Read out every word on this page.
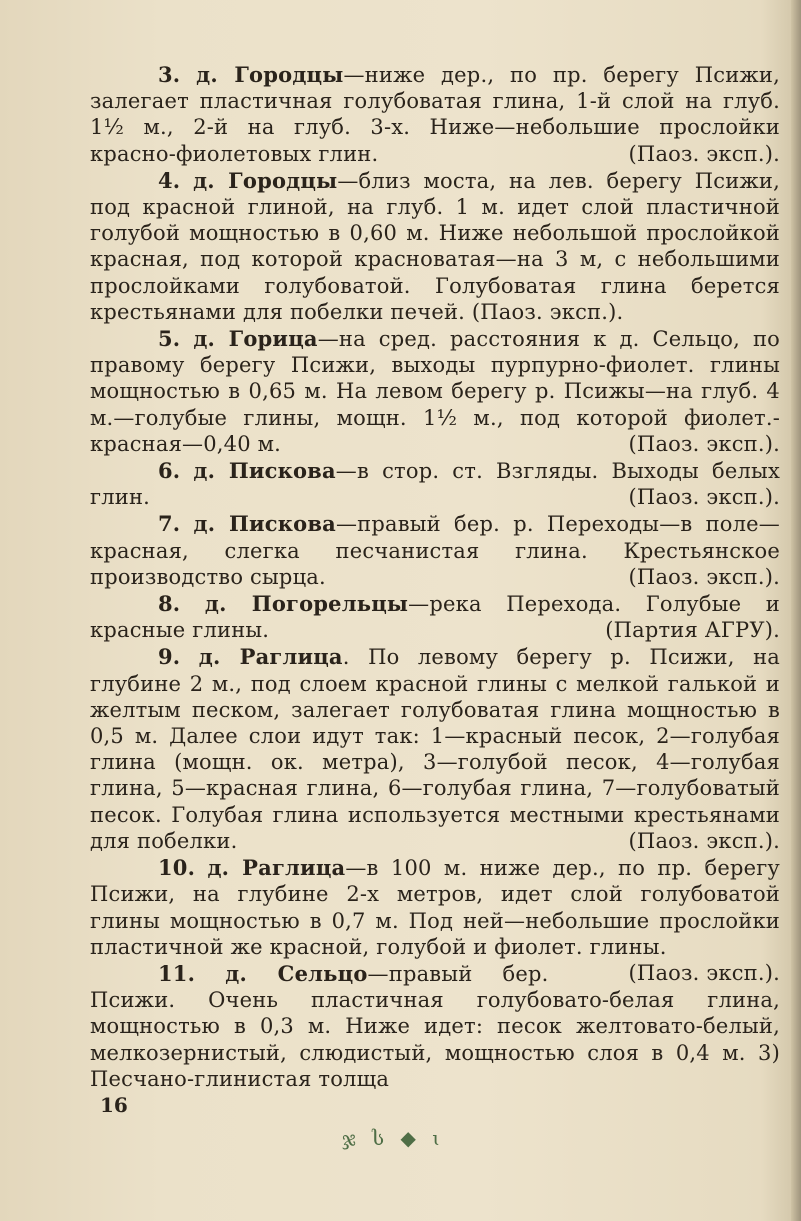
3. д. Городцы—ниже дер., по пр. берегу Псижи, залегает пластичная голубоватая глина, 1-й слой на глуб. 1½ м., 2-й на глуб. 3-х. Ниже—небольшие прослойки красно-фиолетовых глин.	(Паоз. эксп.).

4. д. Городцы—близ моста, на лев. берегу Псижи, под красной глиной, на глуб. 1 м. идет слой пластичной голубой мощностью в 0,60 м. Ниже небольшой прослойкой красная, под которой красноватая—на 3 м, с небольшими прослойками голубоватой. Голубоватая глина берется крестьянами для побелки печей. (Паоз. эксп.).

5. д. Горица—на сред. расстояния к д. Сельцо, по правому берегу Псижи, выходы пурпурно-фиолет. глины мощностью в 0,65 м. На левом берегу р. Псижы—на глуб. 4 м.—голубые глины, мощн. 1½ м., под которой фиолет.-красная—0,40 м.	(Паоз. эксп.).

6. д. Пискова—в стор. ст. Взгляды. Выходы белых глин.	(Паоз. эксп.).

7. д. Пискова—правый бер. р. Переходы—в поле—красная, слегка песчанистая глина. Крестьянское производство сырца.	(Паоз. эксп.).

8. д. Погорельцы—река Перехода. Голубые и красные глины.	(Партия АГРУ).

9. д. Раглица. По левому берегу р. Псижи, на глубине 2 м., под слоем красной глины с мелкой галькой и желтым песком, залегает голубоватая глина мощностью в 0,5 м. Далее слои идут так: 1—красный песок, 2—голубая глина (мощн. ок. метра), 3—голубой песок, 4—голубая глина, 5—красная глина, 6—голубая глина, 7—голубоватый песок. Голубая глина используется местными крестьянами для побелки.	(Паоз. эксп.).

10. д. Раглица—в 100 м. ниже дер., по пр. берегу Псижи, на глубине 2-х метров, идет слой голубоватой глины мощностью в 0,7 м. Под ней—небольшие прослойки пластичной же красной, голубой и фиолет. глины.
(Паоз. эксп.).

11. д. Сельцо—правый бер. Псижи. Очень пластичная голубовато-белая глина, мощностью в 0,3 м. Ниже идет: песок желтовато-белый, мелкозернистый, слюдистый, мощностью слоя в 0,4 м. 3) Песчано-глинистая толща

16
ჯ ს ◆ ɩ
